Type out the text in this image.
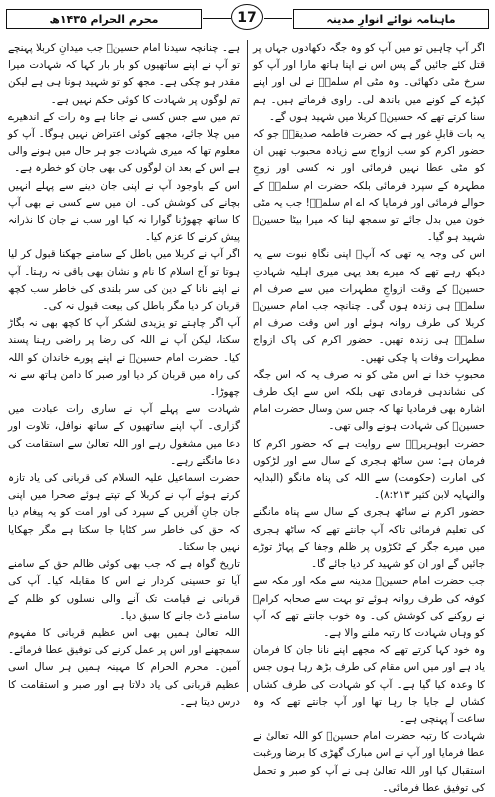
ماہنامہ نوائے انوارِ مدینہ
17
محرم الحرام ۱۴۳۵ھ

اگر آپ چاہیں تو میں آپ کو وہ جگہ دکھادوں جہاں پر قتل کئے جائیں گے پس اس نے اپنا ہاتھ مارا اور آپ کو سرخ مٹی دکھائی۔ وہ مٹی ام سلمہؓ نے لی اور اپنے کپڑے کے کونے میں باندھ لی۔ راوی فرماتے ہیں۔ ہم سنا کرتے تھے کہ حسینؓ کربلا میں شہید ہوں گے۔

یہ بات قابلِ غور ہے کہ حضرت فاطمہ صدیقہؓ جو کہ حضور اکرم کو سب ازواج سے زیادہ محبوب تھیں ان کو مٹی عطا نہیں فرمائی اور نہ کسی اور زوجِ مطہرہ کے سپرد فرمائی بلکہ حضرت ام سلمہؓ کے حوالے فرمائی اور فرمایا کہ اے ام سلمہؓ! جب یہ مٹی خون میں بدل جائے تو سمجھ لینا کہ میرا بیٹا حسینؓ شہید ہو گیا۔

اس کی وجہ یہ تھی کہ آپؐ اپنی نگاہِ نبوت سے یہ دیکھ رہے تھے کہ میرے بعد یہی میری اہلیہ شہادتِ حسینؓ کے وقت ازواجِ مطہرات میں سے صرف ام سلمہؓ ہی زندہ ہوں گی۔ چنانچہ جب امام حسینؓ کربلا کی طرف روانہ ہوئے اور اس وقت صرف ام سلمہؓ ہی زندہ تھیں۔ حضور اکرم کی پاک ازواج مطہرات وفات پا چکی تھیں۔

محبوبِ خدا نے اس مٹی کو نہ صرف یہ کہ اس جگہ کی نشاندہی فرمادی تھی بلکہ اس سے ایک طرف اشارہ بھی فرمادیا تھا کہ جس سن وسال حضرت امام حسینؓ کی شہادت ہونے والی تھی۔

حضرت ابوہریرہؓ سے روایت ہے کہ حضور اکرم کا فرمان ہے: سن ساٹھ ہجری کے سال سے اور لڑکوں کی امارت (حکومت) سے اللہ کی پناہ مانگو (البدایہ والنہایہ لابن کثیر ۸:۲۱۳)۔

حضور اکرم نے ساٹھ ہجری کے سال سے پناہ مانگنے کی تعلیم فرمائی تاکہ آپ جانتے تھے کہ ساٹھ ہجری میں میرے جگر کے ٹکڑوں پر ظلم وجفا کے پہاڑ توڑے جائیں گے اور ان کو شہید کر دیا جائے گا۔

جب حضرت امام حسینؓ مدینہ سے مکہ اور مکہ سے کوفہ کی طرف روانہ ہوئے تو بہت سے صحابہ کرامؓ نے روکنے کی کوشش کی۔ وہ خوب جانتے تھے کہ آپ کو وہاں شہادت کا رتبہ ملنے والا ہے۔

وہ خود کہا کرتے تھے کہ مجھے اپنے نانا جان کا فرمان یاد ہے اور میں اس مقام کی طرف بڑھ رہا ہوں جس کا وعدہ کیا گیا ہے۔ آپ کو شہادت کی طرف کشاں کشاں لے جایا جا رہا تھا اور آپ جانتے تھے کہ وہ ساعت آ پہنچی ہے۔

شہادت کا رتبہ حضرت امام حسینؓ کو اللہ تعالیٰ نے عطا فرمایا اور آپ نے اس مبارک گھڑی کا برضا ورغبت استقبال کیا اور اللہ تعالیٰ ہی نے آپ کو صبر و تحمل کی توفیق عطا فرمائی۔

ہے۔ چنانچہ سیدنا امام حسینؓ جب میدانِ کربلا پہنچے تو آپ نے اپنے ساتھیوں کو بار بار کہا کہ شہادت میرا مقدر ہو چکی ہے۔ مجھ کو تو شہید ہونا ہی ہے لیکن تم لوگوں پر شہادت کا کوئی حکم نہیں ہے۔

تم میں سے جس کسی نے جانا ہے وہ رات کے اندھیرے میں چلا جائے، مجھے کوئی اعتراض نہیں ہوگا۔ آپ کو معلوم تھا کہ میری شہادت جو ہر حال میں ہونے والی ہے اس کے بعد ان لوگوں کی بھی جان کو خطرہ ہے۔

اس کے باوجود آپ نے اپنی جان دینے سے پہلے انہیں بچانے کی کوشش کی۔ ان میں سے کسی نے بھی آپ کا ساتھ چھوڑنا گوارا نہ کیا اور سب نے جان کا نذرانہ پیش کرنے کا عزم کیا۔

اگر آپ نے کربلا میں باطل کے سامنے جھکنا قبول کر لیا ہوتا تو آج اسلام کا نام و نشان بھی باقی نہ رہتا۔ آپ نے اپنے نانا کے دین کی سر بلندی کی خاطر سب کچھ قربان کر دیا مگر باطل کی بیعت قبول نہ کی۔

آپ اگر چاہتے تو یزیدی لشکر آپ کا کچھ بھی نہ بگاڑ سکتا، لیکن آپ نے اللہ کی رضا پر راضی رہنا پسند کیا۔ حضرت امام حسینؓ نے اپنے پورے خاندان کو اللہ کی راہ میں قربان کر دیا اور صبر کا دامن ہاتھ سے نہ چھوڑا۔

شہادت سے پہلے آپ نے ساری رات عبادت میں گزاری۔ آپ اپنے ساتھیوں کے ساتھ نوافل، تلاوت اور دعا میں مشغول رہے اور اللہ تعالیٰ سے استقامت کی دعا مانگتے رہے۔

حضرت اسماعیل علیہ السلام کی قربانی کی یاد تازہ کرتے ہوئے آپ نے کربلا کے تپتے ہوئے صحرا میں اپنی جان جانِ آفریں کے سپرد کی اور امت کو یہ پیغام دیا کہ حق کی خاطر سر کٹایا جا سکتا ہے مگر جھکایا نہیں جا سکتا۔

تاریخ گواہ ہے کہ جب بھی کوئی ظالم حق کے سامنے آیا تو حسینی کردار نے اس کا مقابلہ کیا۔ آپ کی قربانی نے قیامت تک آنے والی نسلوں کو ظلم کے سامنے ڈٹ جانے کا سبق دیا۔

اللہ تعالیٰ ہمیں بھی اس عظیم قربانی کا مفہوم سمجھنے اور اس پر عمل کرنے کی توفیق عطا فرمائے۔ آمین۔ محرم الحرام کا مہینہ ہمیں ہر سال اسی عظیم قربانی کی یاد دلاتا ہے اور صبر و استقامت کا درس دیتا ہے۔
